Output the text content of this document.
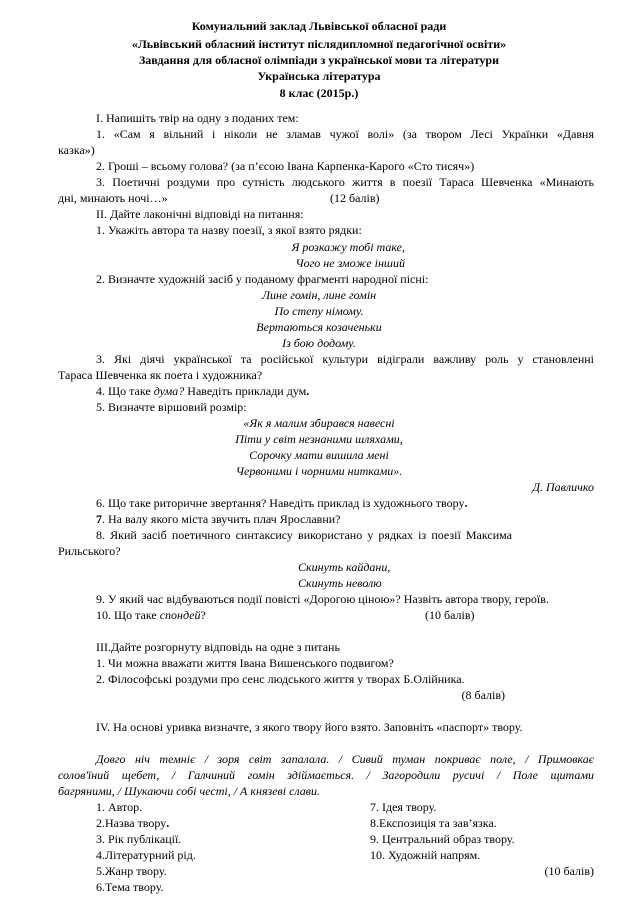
Комунальний заклад Львівської обласної ради
«Львівський обласний інститут післядипломної педагогічної освіти»
Завдання для обласної олімпіади з української мови та літератури
Українська література
8 клас (2015р.)
I. Напишіть твір на одну з поданих тем:
1. «Сам я вільний і ніколи не зламав чужої волі» (за твором Лесі Українки «Давня
казка»)
2. Гроші – всьому голова? (за п’єсою Івана Карпенка-Карого «Сто тисяч»)
3. Поетичні роздуми про сутність людського життя в поезії Тараса Шевченка «Минають
дні, минають ночі…»	(12 балів)
II. Дайте лаконічні відповіді на питання:
1. Укажіть автора та назву поезії, з якої взято рядки:
Я розкажу тобі таке,
Чого не зможе інший
2. Визначте художній засіб у поданому фрагменті народної пісні:
Лине гомін, лине гомін
По степу німому.
Вертаються козаченьки
Із бою додому.
3. Які діячі української та російської культури відіграли важливу роль у становленні
Тараса Шевченка як поета і художника?
4. Що таке дума? Наведіть приклади дум.
5. Визначте віршовий розмір:
«Як я малим збирався навесні
Піти у світ незнаними шляхами,
Сорочку мати вишила мені
Червоними і чорними нитками».
Д. Павличко
6. Що таке риторичне звертання? Наведіть приклад із художнього твору.
7. На валу якого міста звучить плач Ярославни?
8. Який засіб поетичного синтаксису використано у рядках із поезії Максима
Рильського?
Скинуть кайдани,
Скинуть неволю
9. У який час відбуваються події повісті «Дорогою ціною»? Назвіть автора твору, героїв.
10. Що таке спондей?	(10 балів)
III.Дайте розгорнуту відповідь на одне з питань
1. Чи можна вважати життя Івана Вишенського подвигом?
2. Філософські роздуми про сенс людського життя у творах Б.Олійника.
(8 балів)
IV. На основі уривка визначте, з якого твору його взято. Заповніть «паспорт» твору.
Довго ніч темніє / зоря світ запалала. / Сивий туман покриває поле, / Примовкає
солов'їний щебет, / Галчиний гомін здіймається. / Загородили русичі / Поле щитами
багряними, / Шукаючи собі честі, / А князеві слави.
1. Автор.
2.Назва твору.
3. Рік публікації.
4.Літературний рід.
5.Жанр твору.
6.Тема твору.
7. Ідея твору.
8.Експозиція та зав’язка.
9. Центральний образ твору.
10. Художній напрям.
(10 балів)
